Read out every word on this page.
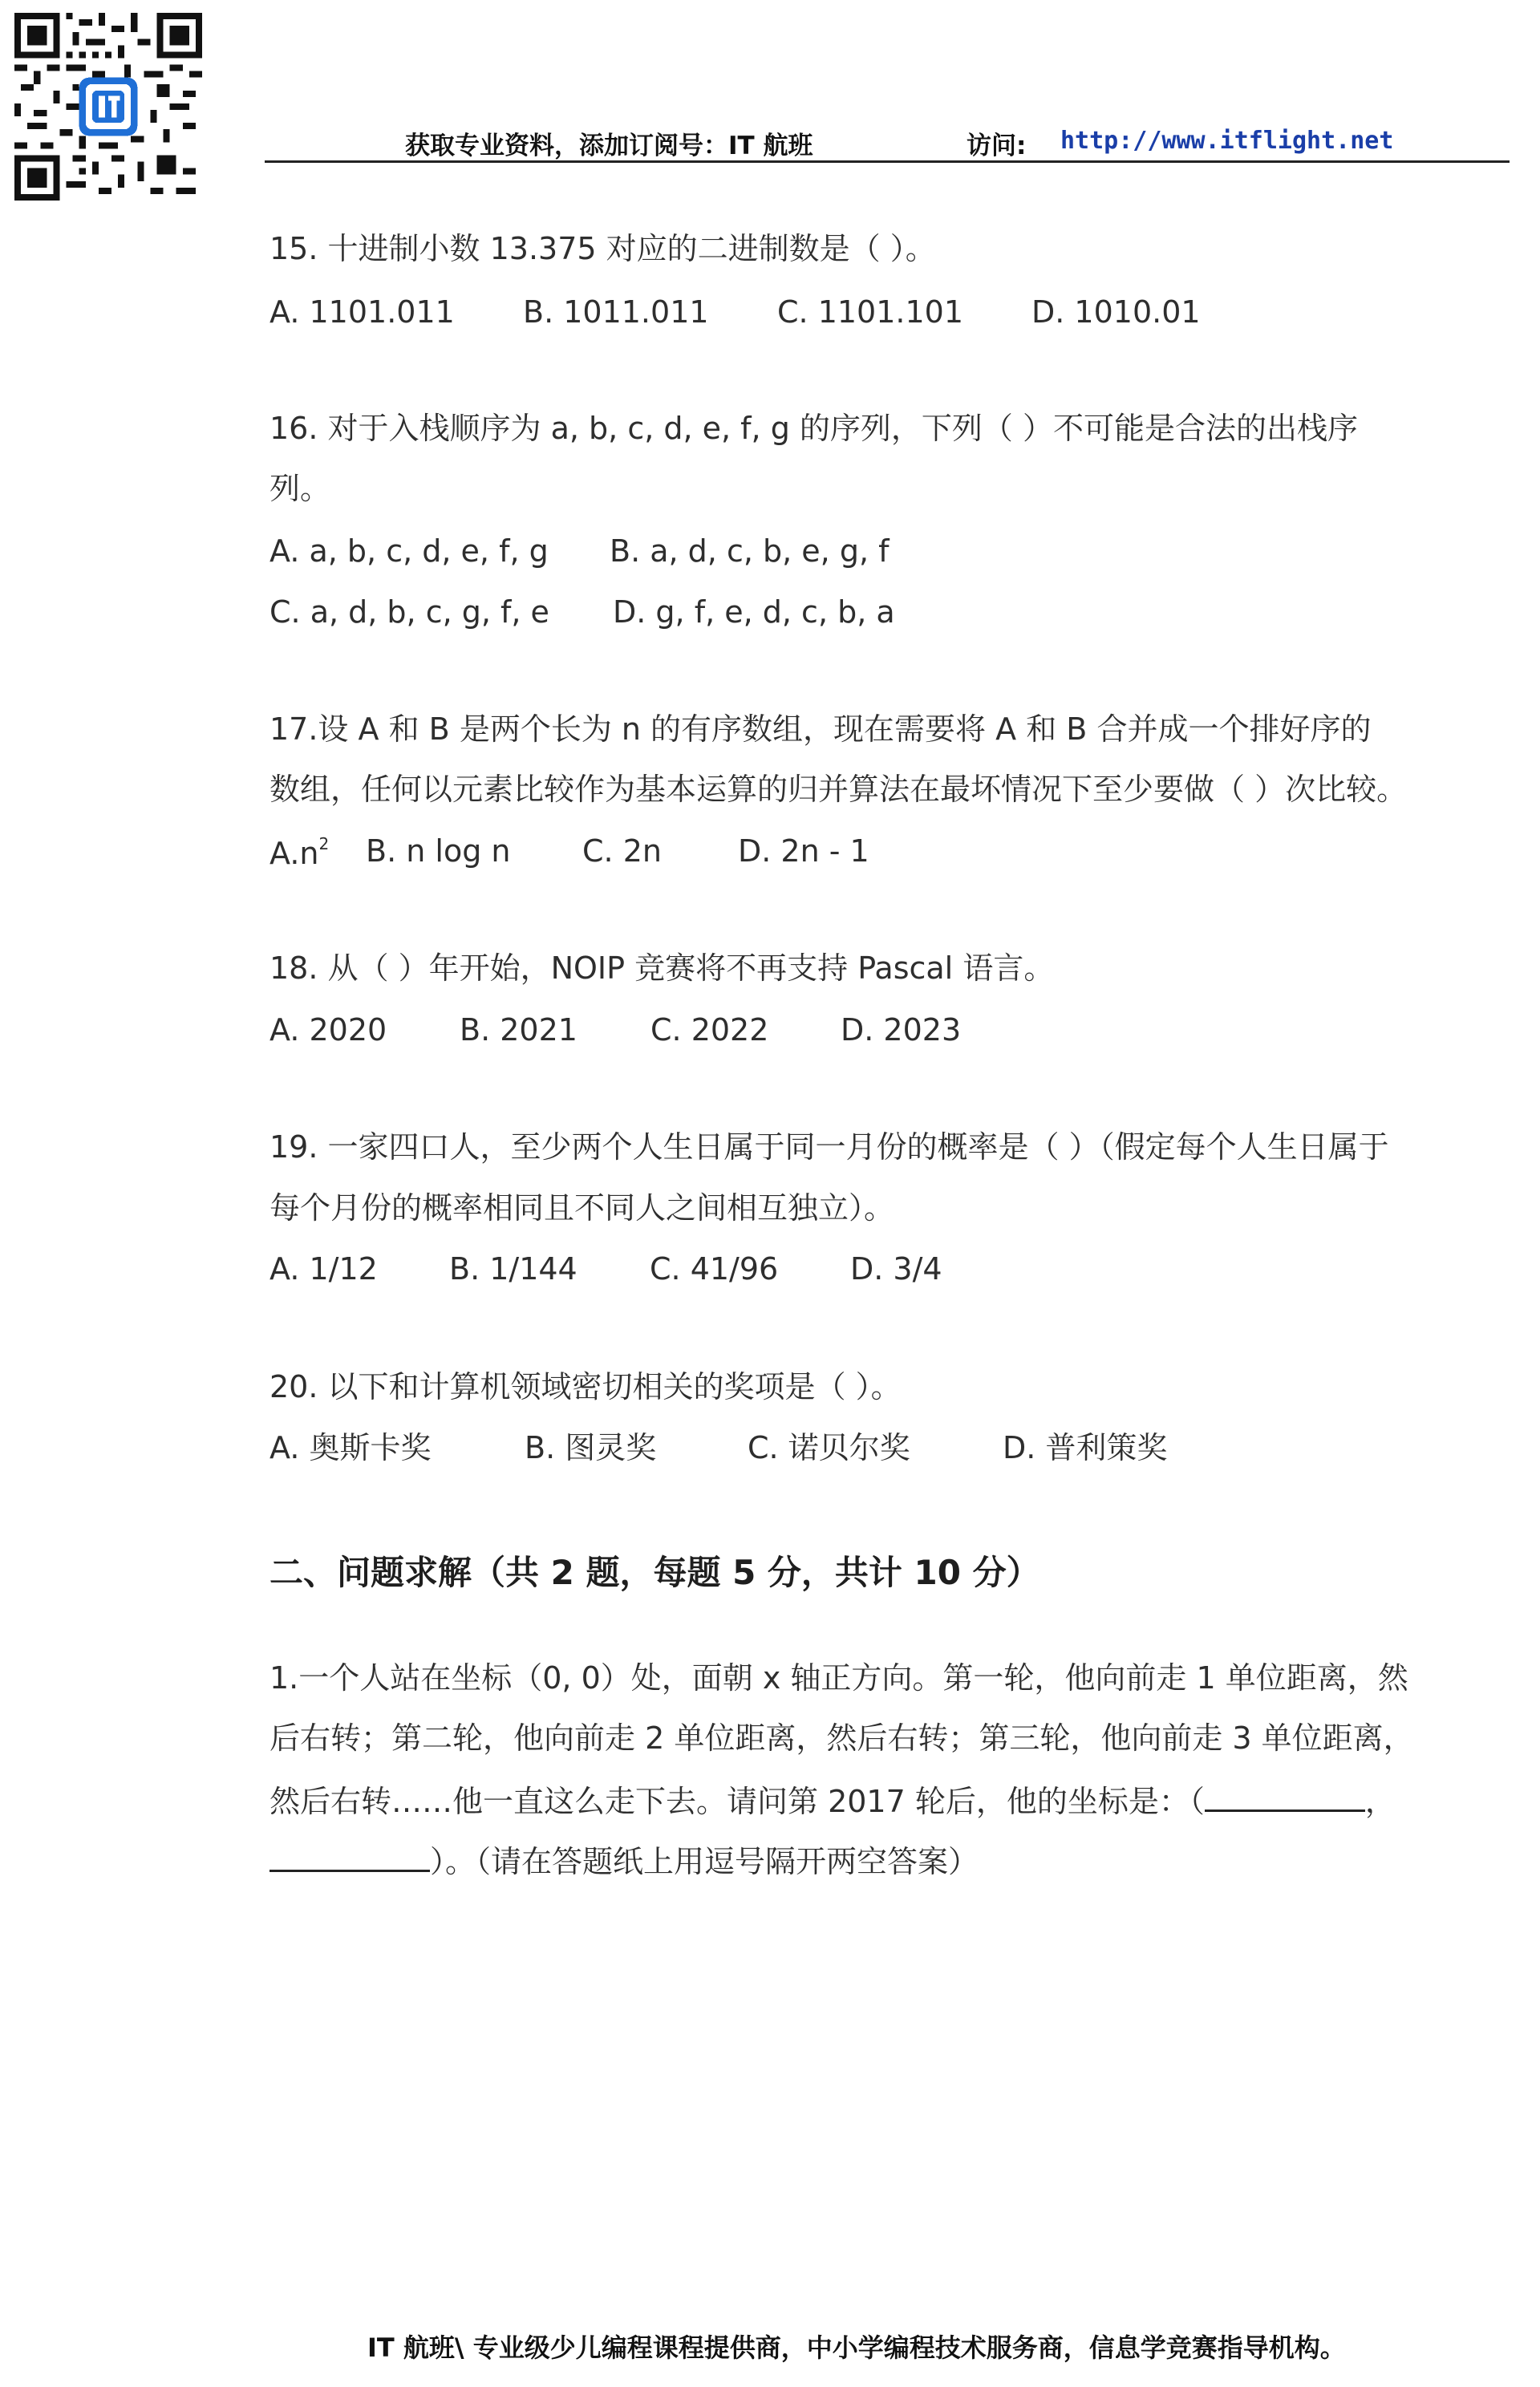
获取专业资料，添加订阅号：IT 航班	访问: http://www.itflight.net
15. 十进制小数 13.375 对应的二进制数是（ ）。
A. 1101.011 B. 1011.011 C. 1101.101 D. 1010.01
16. 对于入栈顺序为 a, b, c, d, e, f, g 的序列，下列（ ）不可能是合法的出栈序
列。
A. a, b, c, d, e, f, g B. a, d, c, b, e, g, f
C. a, d, b, c, g, f, e D. g, f, e, d, c, b, a
17.设 A 和 B 是两个长为 n 的有序数组，现在需要将 A 和 B 合并成一个排好序的
数组，任何以元素比较作为基本运算的归并算法在最坏情况下至少要做（ ）次比较。
$A.n^2$ B. n log n C. 2n	D. 2n - 1
18. 从（ ）年开始，NOIP 竞赛将不再支持 Pascal 语言。
A. 2020 B. 2021 C. 2022 D. 2023
19. 一家四口人，至少两个人生日属于同一月份的概率是（ ）（假定每个人生日属于
每个月份的概率相同且不同人之间相互独立）。
A. 1/12 B. 1/144 C. 41/96 D. 3/4
20. 以下和计算机领域密切相关的奖项是（ ）。
A. 奥斯卡奖	B. 图灵奖	C. 诺贝尔奖	D. 普利策奖
二、问题求解（共 2 题，每题 5 分，共计 10 分）
1.一个人站在坐标（0, 0）处，面朝 x 轴正方向。第一轮，他向前走 1 单位距离，然
后右转；第二轮，他向前走 2 单位距离，然后右转；第三轮，他向前走 3 单位距离，
然后右转……他一直这么走下去。请问第 2017 轮后，他的坐标是：（	，
）。（请在答题纸上用逗号隔开两空答案）
IT 航班\ 专业级少儿编程课程提供商，中小学编程技术服务商，信息学竞赛指导机构。
